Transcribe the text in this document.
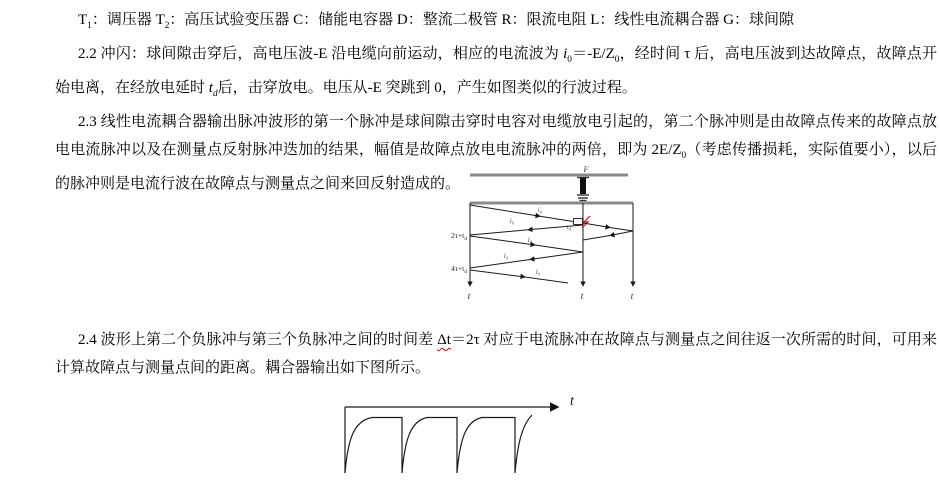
$T_1$：调压器 $T_2$：高压试验变压器 C：储能电容器 D：整流二极管 R：限流电阻 L：线性电流耦合器 G：球间隙

2.2 冲闪：球间隙击穿后，高电压波-E 沿电缆向前运动，相应的电流波为 $i_0=-E/Z_0$，经时间 τ 后，高电压波到达故障点，故障点开始电离，在经放电延时 $t_d$后，击穿放电。电压从-E 突跳到 0，产生如图类似的行波过程。

2.3 线性电流耦合器输出脉冲波形的第一个脉冲是球间隙击穿时电容对电缆放电引起的，第二个脉冲则是由故障点传来的故障点放电电流脉冲以及在测量点反射脉冲迭加的结果，幅值是故障点放电电流脉冲的两倍，即为 $2E/Z_0$（考虑传播损耗，实际值要小），以后的脉冲则是电流行波在故障点与测量点之间来回反射造成的。

F
t	t	t
$t_d$
i₀
i₀
i₀
i₀
i₀
$2\tau+t_d$
$4\tau+t_d$

2.4 波形上第二个负脉冲与第三个负脉冲之间的时间差 Δt＝2τ 对应于电流脉冲在故障点与测量点之间往返一次所需的时间，可用来计算故障点与测量点间的距离。耦合器输出如下图所示。

t
